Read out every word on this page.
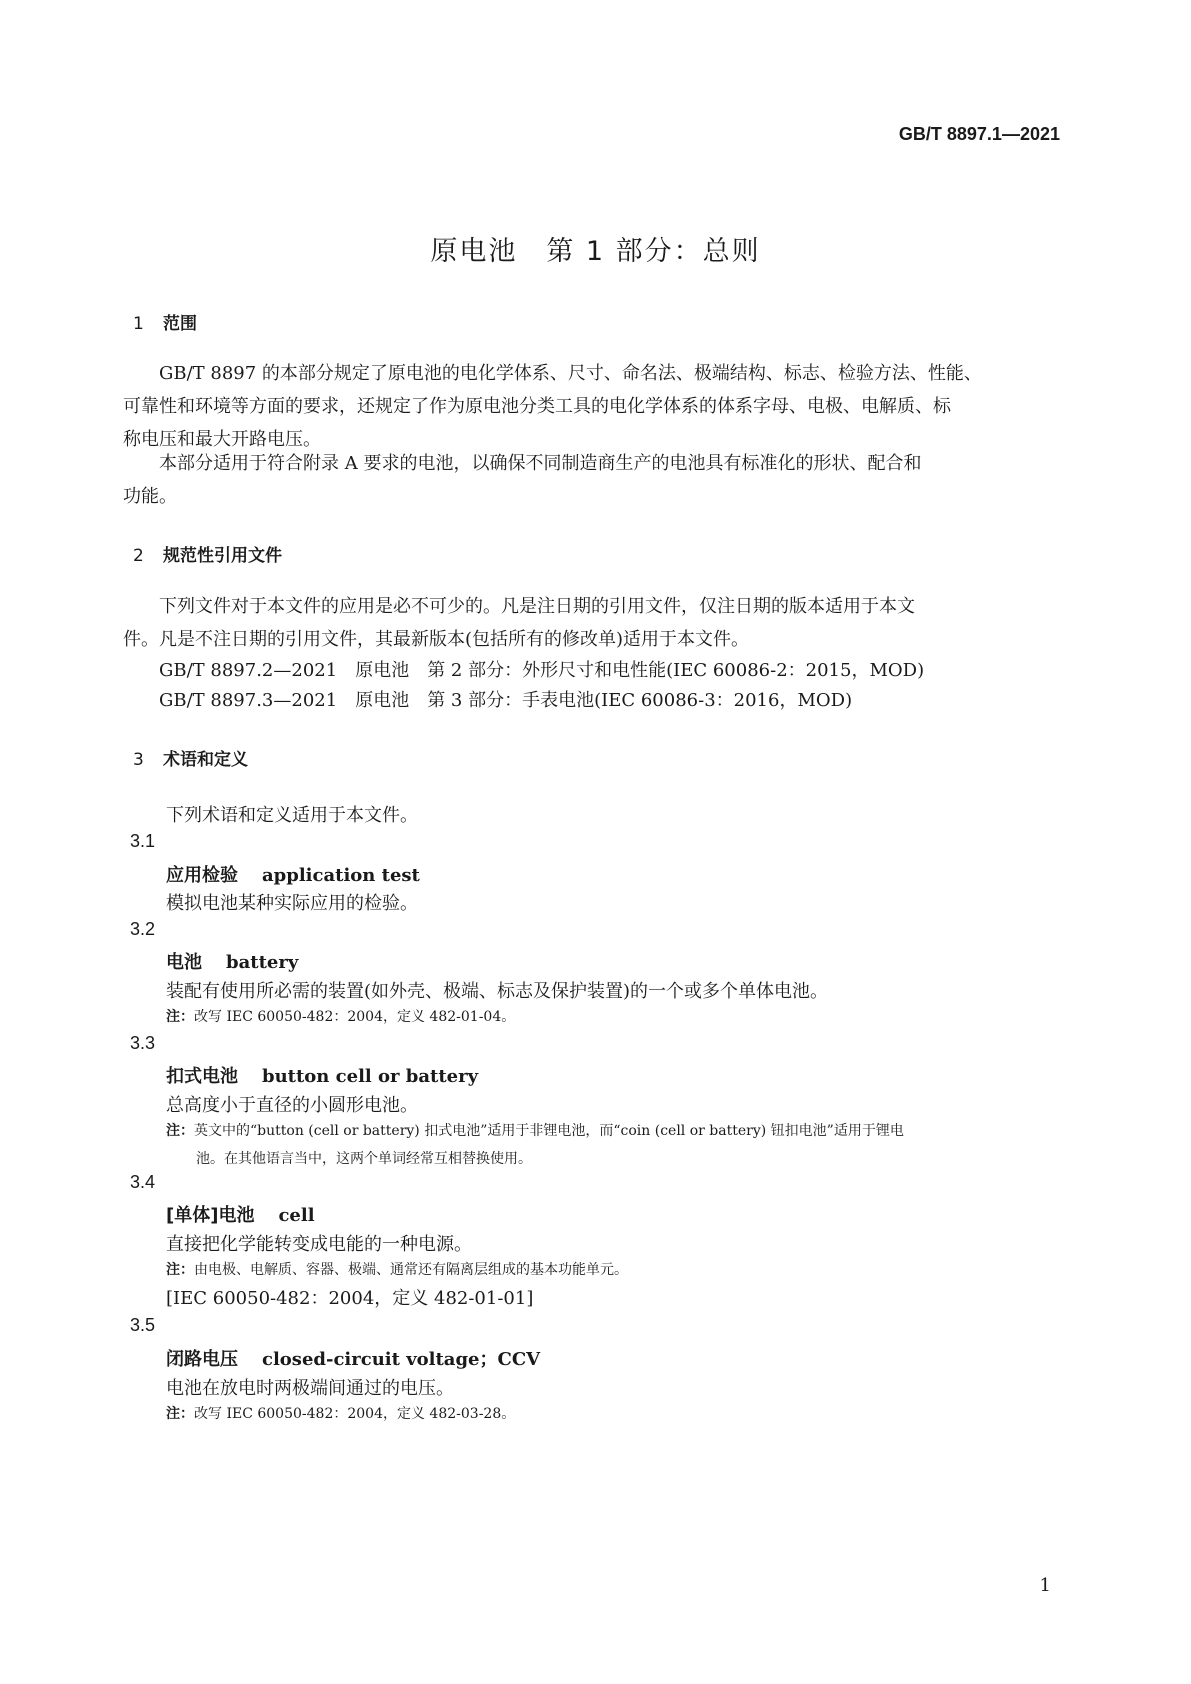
GB/T 8897.1—2021
原电池　第 1 部分：总则
1 范围
GB/T 8897 的本部分规定了原电池的电化学体系、尺寸、命名法、极端结构、标志、检验方法、性能、
可靠性和环境等方面的要求，还规定了作为原电池分类工具的电化学体系的体系字母、电极、电解质、标
称电压和最大开路电压。
本部分适用于符合附录 A 要求的电池，以确保不同制造商生产的电池具有标准化的形状、配合和
功能。
2 规范性引用文件
下列文件对于本文件的应用是必不可少的。凡是注日期的引用文件，仅注日期的版本适用于本文
件。凡是不注日期的引用文件，其最新版本(包括所有的修改单)适用于本文件。
GB/T 8897.2—2021　原电池　第 2 部分：外形尺寸和电性能(IEC 60086-2：2015，MOD)
GB/T 8897.3—2021　原电池　第 3 部分：手表电池(IEC 60086-3：2016，MOD)
3 术语和定义
下列术语和定义适用于本文件。
3.1
应用检验 application test
模拟电池某种实际应用的检验。
3.2
电池 battery
装配有使用所必需的装置(如外壳、极端、标志及保护装置)的一个或多个单体电池。
注：改写 IEC 60050-482：2004，定义 482-01-04。
3.3
扣式电池 button cell or battery
总高度小于直径的小圆形电池。
注：英文中的“button (cell or battery) 扣式电池”适用于非锂电池，而“coin (cell or battery) 钮扣电池”适用于锂电
池。在其他语言当中，这两个单词经常互相替换使用。
3.4
[单体]电池 cell
直接把化学能转变成电能的一种电源。
注：由电极、电解质、容器、极端、通常还有隔离层组成的基本功能单元。
[IEC 60050-482：2004，定义 482-01-01]
3.5
闭路电压 closed-circuit voltage；CCV
电池在放电时两极端间通过的电压。
注：改写 IEC 60050-482：2004，定义 482-03-28。
1
